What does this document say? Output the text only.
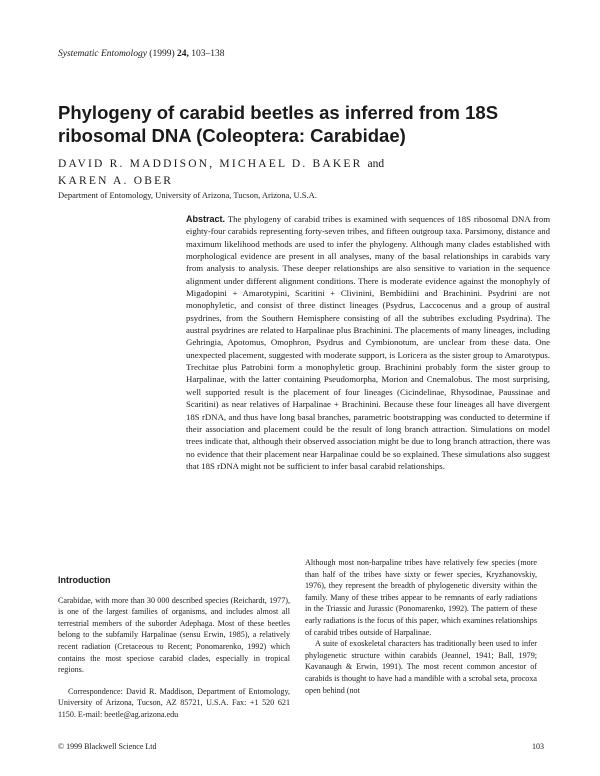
Systematic Entomology (1999) 24, 103–138
Phylogeny of carabid beetles as inferred from 18S ribosomal DNA (Coleoptera: Carabidae)
DAVID R. MADDISON, MICHAEL D. BAKER and
KAREN A. OBER
Department of Entomology, University of Arizona, Tucson, Arizona, U.S.A.
Abstract. The phylogeny of carabid tribes is examined with sequences of 18S ribosomal DNA from eighty-four carabids representing forty-seven tribes, and fifteen outgroup taxa. Parsimony, distance and maximum likelihood methods are used to infer the phylogeny. Although many clades established with morphological evidence are present in all analyses, many of the basal relationships in carabids vary from analysis to analysis. These deeper relationships are also sensitive to variation in the sequence alignment under different alignment conditions. There is moderate evidence against the monophyly of Migadopini + Amarotypini, Scaritini + Clivinini, Bembidiini and Brachinini. Psydrini are not monophyletic, and consist of three distinct lineages (Psydrus, Laccocenus and a group of austral psydrines, from the Southern Hemisphere consisting of all the subtribes excluding Psydrina). The austral psydrines are related to Harpalinae plus Brachinini. The placements of many lineages, including Gehringia, Apotomus, Omophron, Psydrus and Cymbionotum, are unclear from these data. One unexpected placement, suggested with moderate support, is Loricera as the sister group to Amarotypus. Trechitae plus Patrobini form a monophyletic group. Brachinini probably form the sister group to Harpalinae, with the latter containing Pseudomorpha, Morion and Cnemalobus. The most surprising, well supported result is the placement of four lineages (Cicindelinae, Rhysodinae, Paussinae and Scaritini) as near relatives of Harpalinae + Brachinini. Because these four lineages all have divergent 18S rDNA, and thus have long basal branches, parametric bootstrapping was conducted to determine if their association and placement could be the result of long branch attraction. Simulations on model trees indicate that, although their observed association might be due to long branch attraction, there was no evidence that their placement near Harpalinae could be so explained. These simulations also suggest that 18S rDNA might not be sufficient to infer basal carabid relationships.
Introduction

Carabidae, with more than 30 000 described species (Reichardt, 1977), is one of the largest families of organisms, and includes almost all terrestrial members of the suborder Adephaga. Most of these beetles belong to the subfamily Harpalinae (sensu Erwin, 1985), a relatively recent radiation (Cretaceous to Recent; Ponomarenko, 1992) which contains the most speciose carabid clades, especially in tropical regions.

Correspondence: David R. Maddison, Department of Entomology, University of Arizona, Tucson, AZ 85721, U.S.A. Fax: +1 520 621 1150. E-mail: beetle@ag.arizona.edu

Although most non-harpaline tribes have relatively few species (more than half of the tribes have sixty or fewer species, Kryzhanovskiy, 1976), they represent the breadth of phylogenetic diversity within the family. Many of these tribes appear to be remnants of early radiations in the Triassic and Jurassic (Ponomarenko, 1992). The pattern of these early radiations is the focus of this paper, which examines relationships of carabid tribes outside of Harpalinae.

A suite of exoskeletal characters has traditionally been used to infer phylogenetic structure within carabids (Jeannel, 1941; Ball, 1979; Kavanaugh & Erwin, 1991). The most recent common ancestor of carabids is thought to have had a mandible with a scrobal seta, procoxa open behind (not

© 1999 Blackwell Science Ltd	103
